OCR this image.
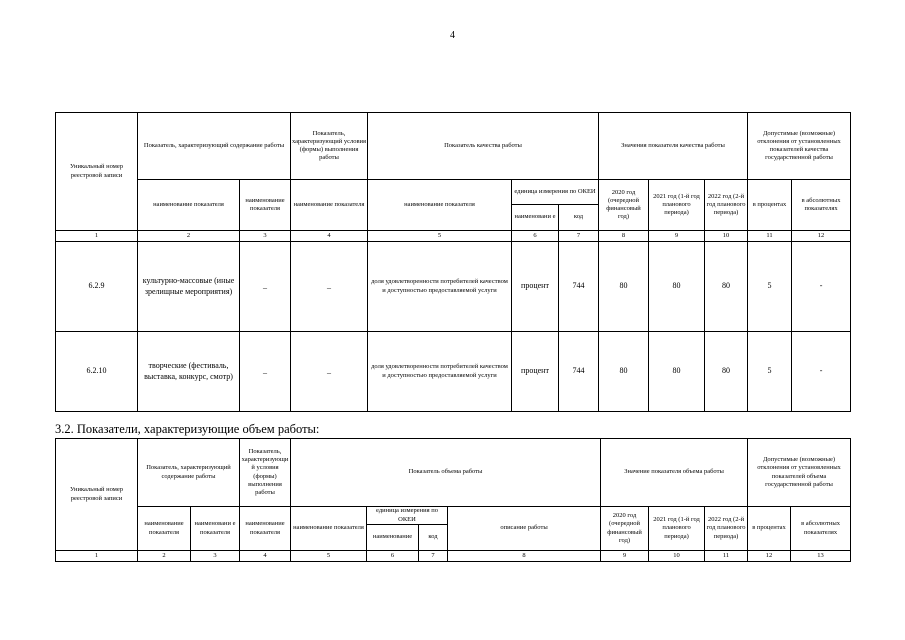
4
Уникальный номер реестровой записи	Показатель, характеризующий содержание работы		Показатель, характеризующий условия (формы) выполнения работы	Показатель качества работы			Значения показателя качества работы			Допустимые (возможные) отклонения от установленных показателей качества государственной работы	
	наименование показателя	наименование показателя	наименование показателя	наименование показателя	единица измерения по ОКЕИ		2020 год (очередной финансовый год)	2021 год (1-й год планового периода)	2022 год (2-й год планового периода)	в процентах	в абсолютных показателях
					наименовани е	код					
1	2	3	4	5	6	7	8	9	10	11	12
6.2.9	культурно-массовые (иные зрелищные мероприятия)	_	_	доля удовлетворенности потребителей качеством и доступностью предоставляемой услуги	процент	744	80	80	80	5	-
6.2.10	творческие (фестиваль, выставка, конкурс, смотр)	_	_	доля удовлетворенности потребителей качеством и доступностью предоставляемой услуги	процент	744	80	80	80	5	-
3.2. Показатели, характеризующие объем работы:
Уникальный номер реестровой записи	Показатель, характеризующий содержание работы		Показатель, характеризующий условия (формы) выполнения работы	Показатель объема работы				Значение показателя объема работы			Допустимые (возможные) отклонения от установленных показателей объема государственной работы	
	наименование показателя	наименовани е показателя	наименование показателя	наименование показателя	единица измерения по ОКЕИ		описание работы	2020 год (очередной финансовый год)	2021 год (1-й год планового периода)	2022 год (2-й год планового периода)	в процентах	в абсолютных показателях
					наименование	код						
1	2	3	4	5	6	7	8	9	10	11	12	13
